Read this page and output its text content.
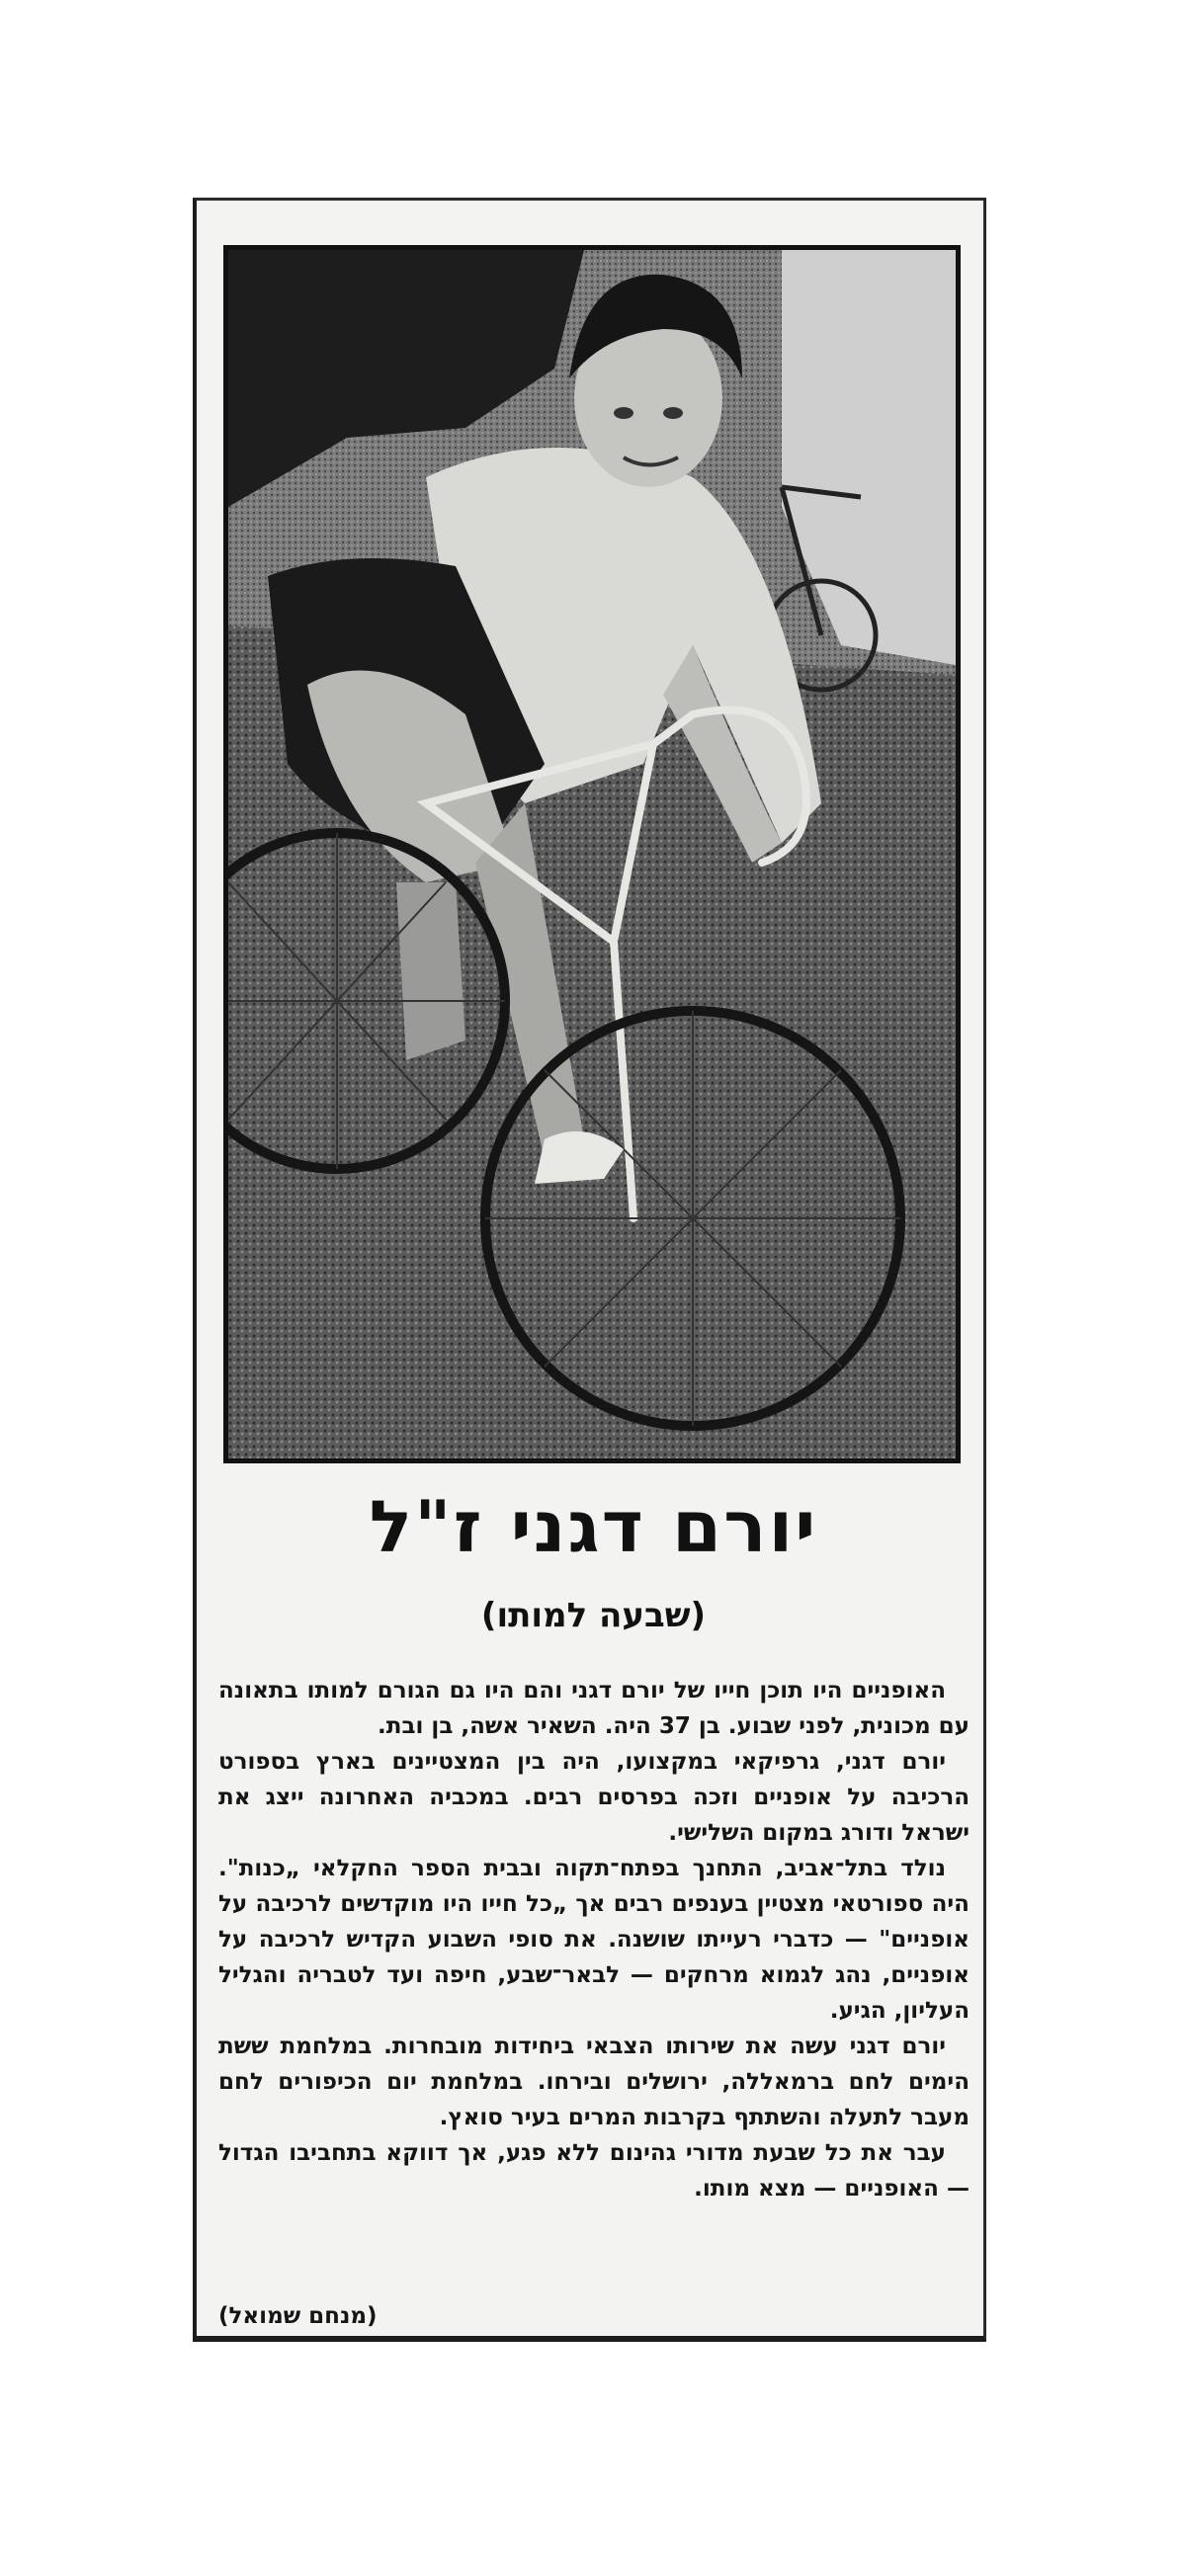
יורם דגני ז"ל
(שבעה למותו)

האופניים היו תוכן חייו של יורם דגני והם היו גם הגורם למותו בתאונה עם מכונית, לפני שבוע. בן 37 היה. השאיר אשה, בן ובת.

יורם דגני, גרפיקאי במקצועו, היה בין המצטיינים בארץ בספורט הרכיבה על אופניים וזכה בפרסים רבים. במכביה האחרונה ייצג את ישראל ודורג במקום השלישי.

נולד בתל־אביב, התחנך בפתח־תקוה ובבית הספר החקלאי „כנות". היה ספורטאי מצטיין בענפים רבים אך „כל חייו היו מוקדשים לרכיבה על אופניים" — כדברי רעייתו שושנה. את סופי השבוע הקדיש לרכיבה על אופניים, נהג לגמוא מרחקים — לבאר־שבע, חיפה ועד לטבריה והגליל העליון, הגיע.

יורם דגני עשה את שירותו הצבאי ביחידות מובחרות. במלחמת ששת הימים לחם ברמאללה, ירושלים ובירחו. במלחמת יום הכיפורים לחם מעבר לתעלה והשתתף בקרבות המרים בעיר סואץ.

עבר את כל שבעת מדורי גהינום ללא פגע, אך דווקא בתחביבו הגדול — האופניים — מצא מותו.

(מנחם שמואל)
